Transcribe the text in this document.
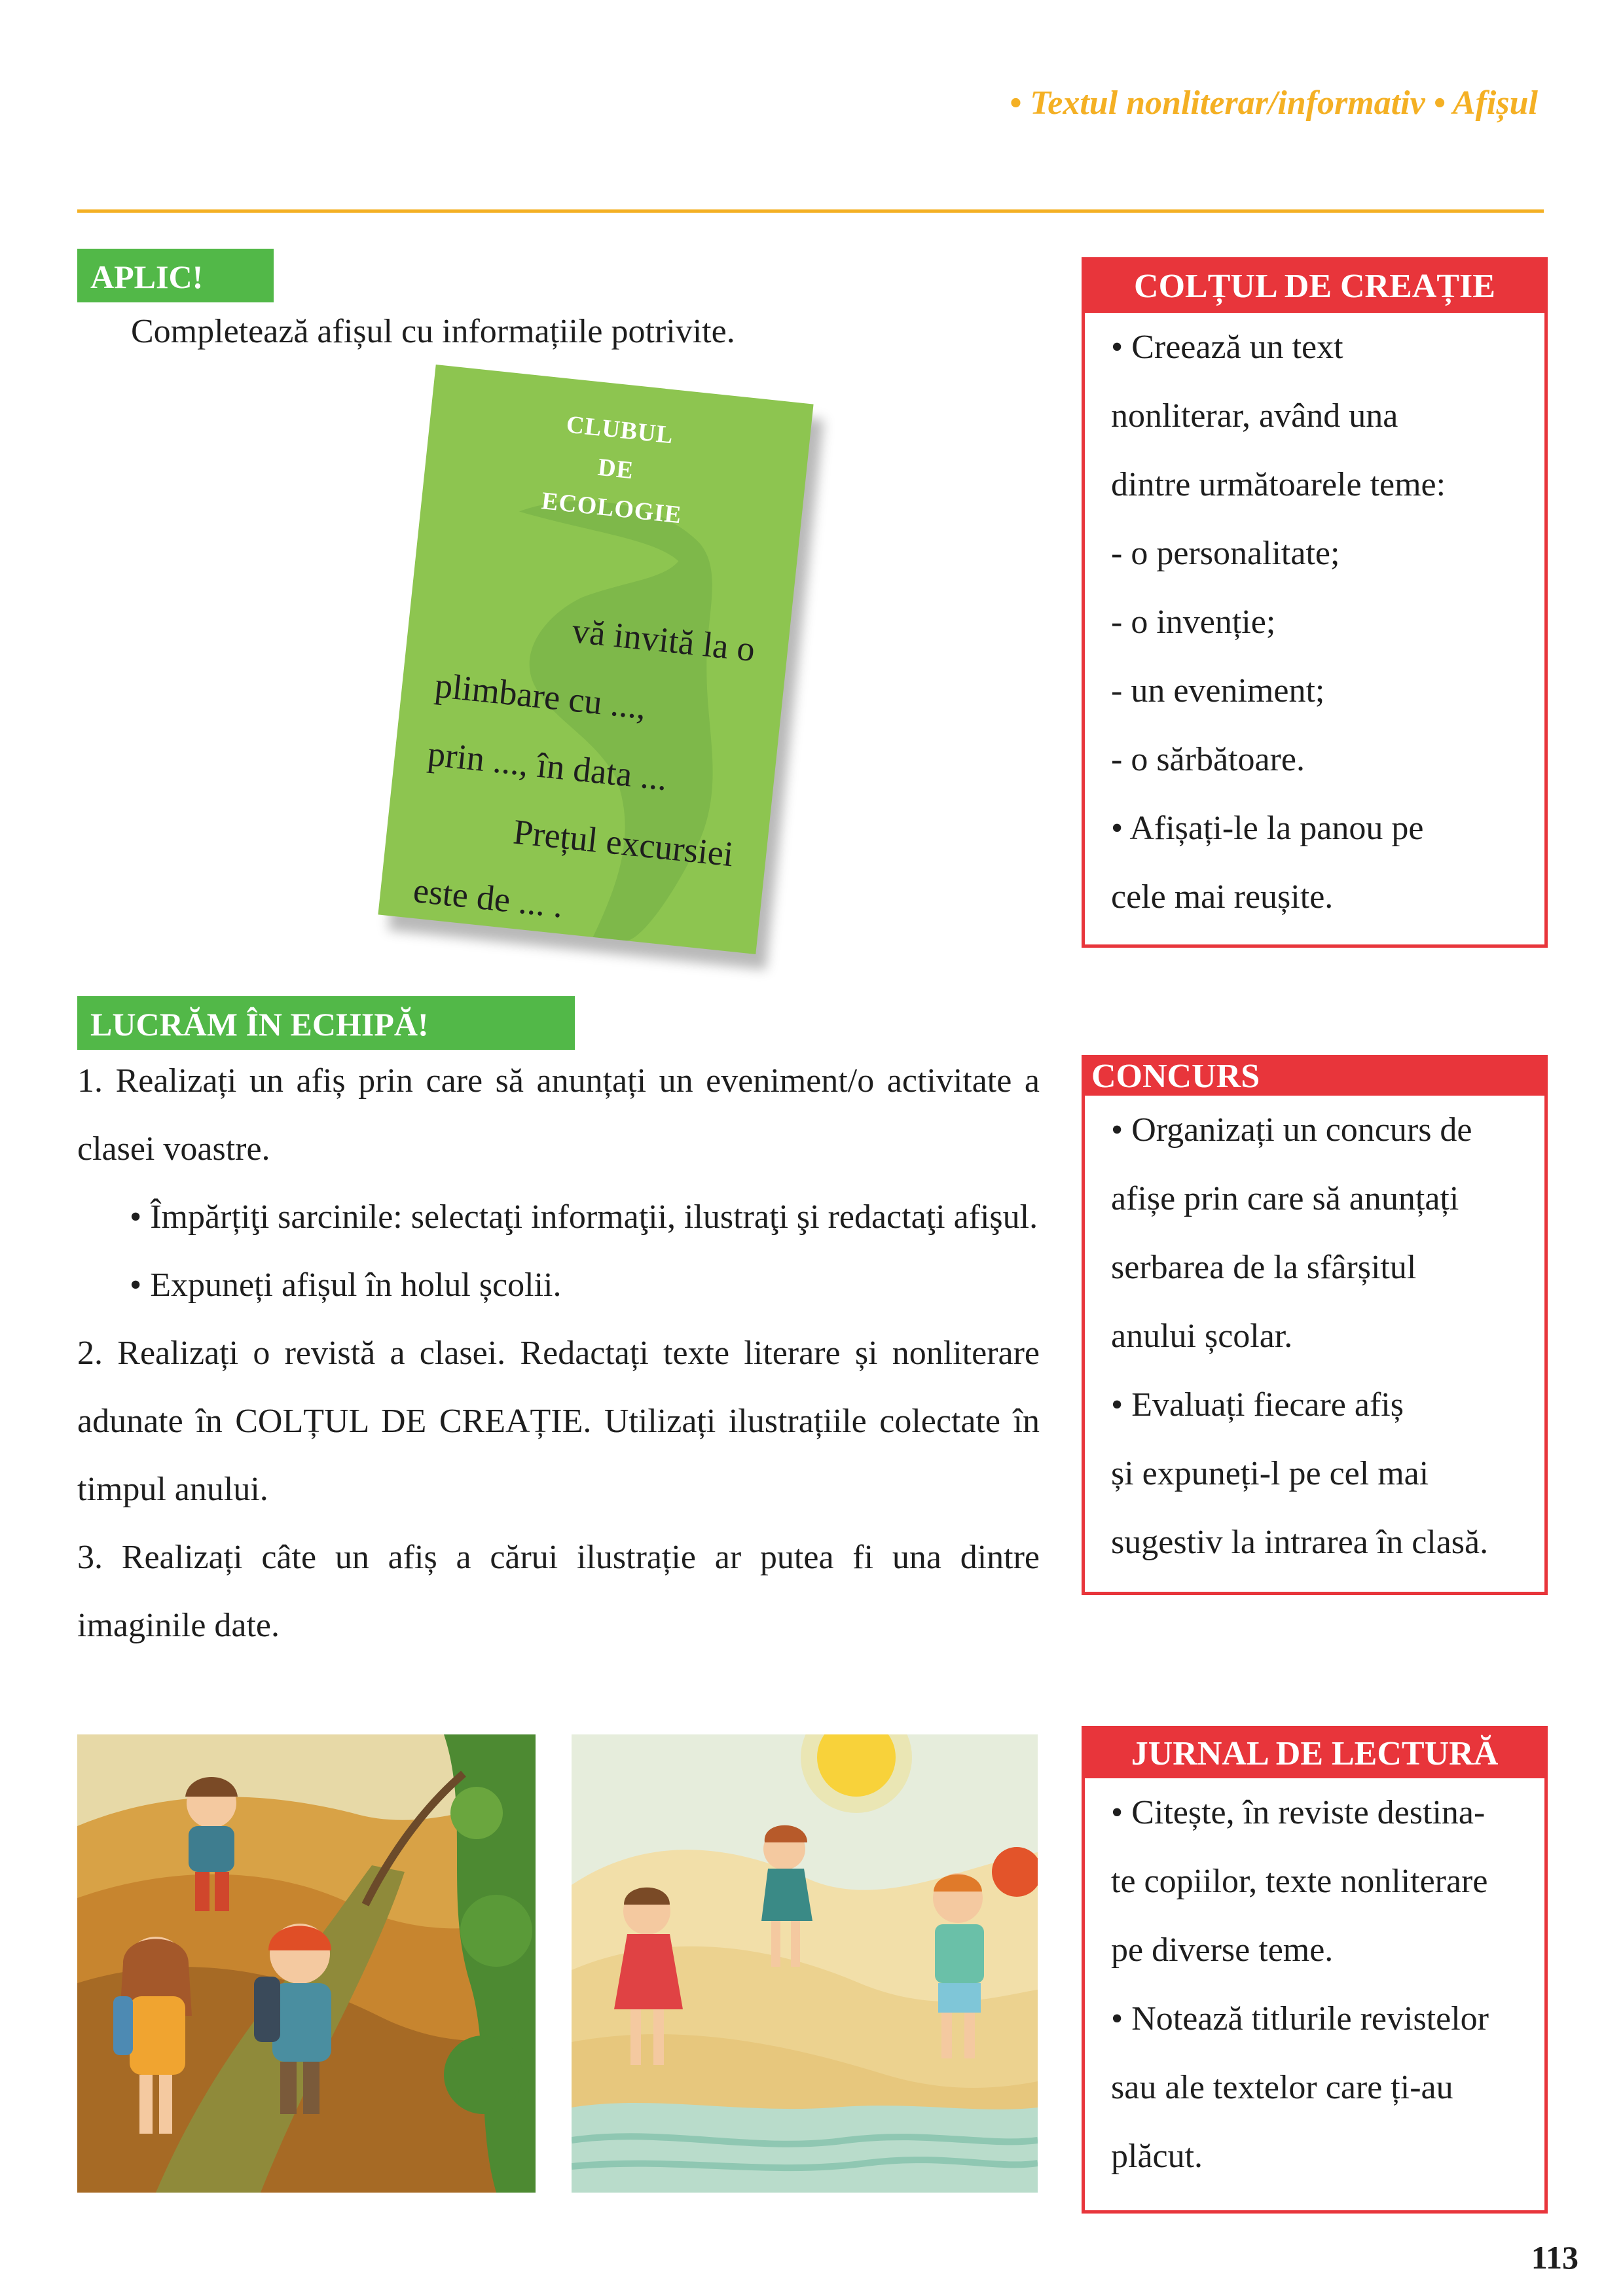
• Textul nonliterar/informativ • Afișul
APLIC!
Completează afișul cu informațiile potrivite.
CLUBUL
DE
ECOLOGIE
vă invită la o
plimbare cu ...,
prin ..., în data ...
Prețul excursiei
este de ... .
LUCRĂM ÎN ECHIPĂ!
1. Realizați un afiș prin care să anunțați un eveniment/o activitate a clasei voastre.
• Împărțiţi sarcinile: selectaţi informaţii, ilustraţi şi redactaţi afişul.
• Expuneți afișul în holul școlii.
2. Realizați o revistă a clasei. Redactați texte literare și nonliterare adunate în COLȚUL DE CREAȚIE. Utilizați ilustrațiile colectate în timpul anului.
3. Realizați câte un afiș a cărui ilustrație ar putea fi una dintre imaginile date.
COLȚUL DE CREAȚIE
• Creează un text
nonliterar, având una
dintre următoarele teme:
- o personalitate;
- o invenție;
- un eveniment;
- o sărbătoare.
• Afișați-le la panou pe
cele mai reușite.
CONCURS
• Organizați un concurs de
afișe prin care să anunțați
serbarea de la sfârșitul
anului școlar.
• Evaluați fiecare afiș
și expuneți-l pe cel mai
sugestiv la intrarea în clasă.
JURNAL DE LECTURĂ
• Citește, în reviste destina-
te copiilor, texte nonliterare
pe diverse teme.
• Notează titlurile revistelor
sau ale textelor care ți-au
plăcut.
113
